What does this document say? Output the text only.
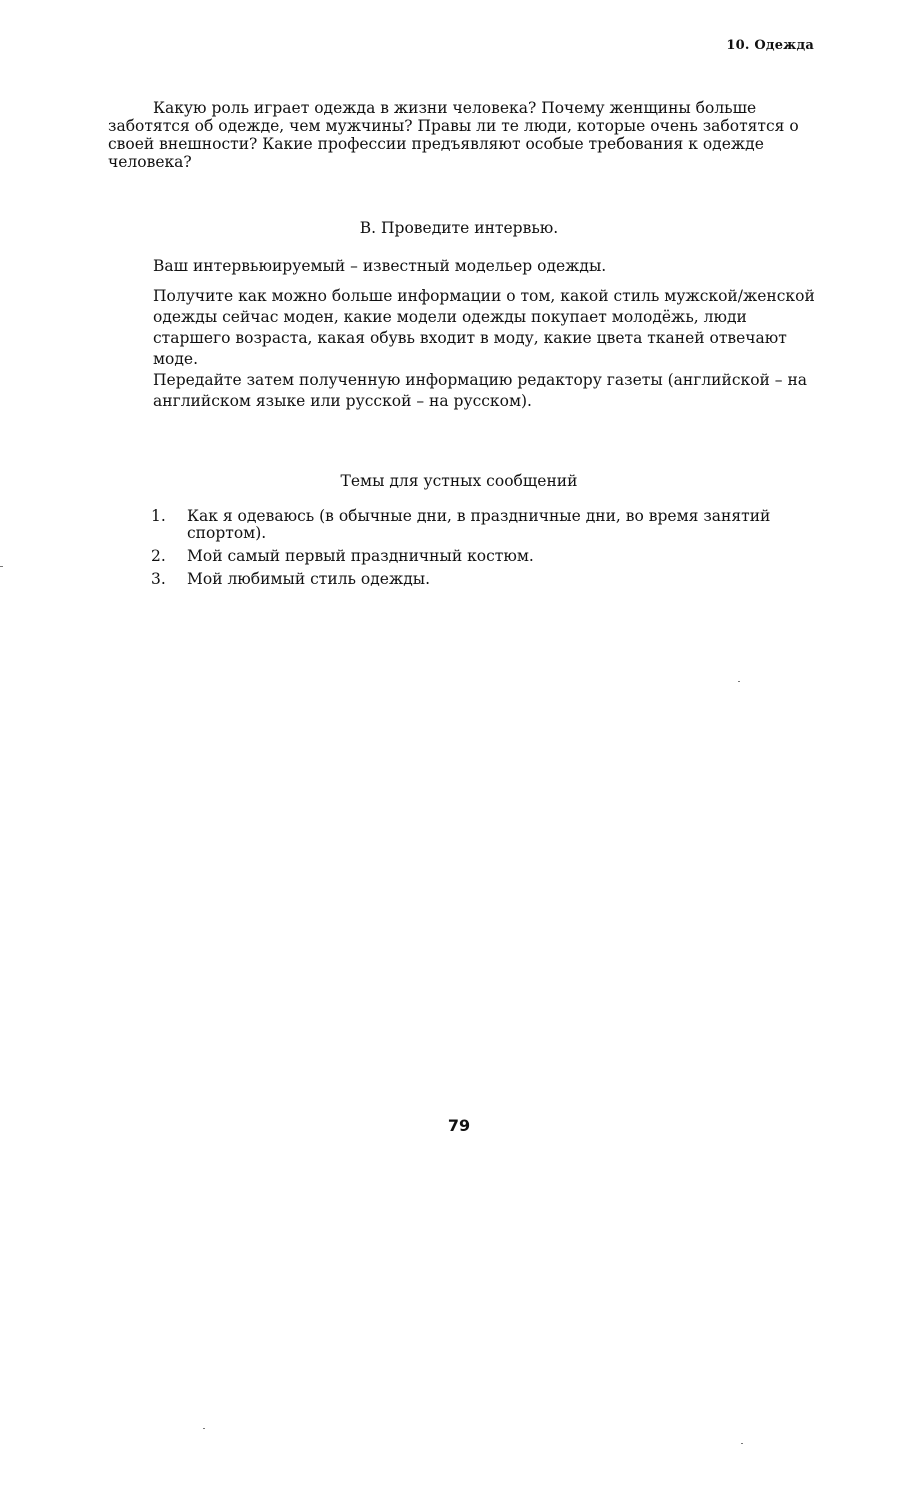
10. Одежда

Какую роль играет одежда в жизни человека? Почему женщины больше заботятся об одежде, чем мужчины? Правы ли те люди, которые очень заботятся о своей внешности? Какие профессии предъявляют особые требования к одежде человека?

В. Проведите интервью.

Ваш интервьюируемый – известный модельер одежды.

Получите как можно больше информации о том, какой стиль мужской/женской одежды сейчас моден, какие модели одежды покупает молодёжь, люди старшего возраста, какая обувь входит в моду, какие цвета тканей отвечают моде.

Передайте затем полученную информацию редактору газеты (английской – на английском языке или русской – на русском).

Темы для устных сообщений
1.	Как я одеваюсь (в обычные дни, в праздничные дни, во время занятий спортом).
2.	Мой самый первый праздничный костюм.
3.	Мой любимый стиль одежды.
79
